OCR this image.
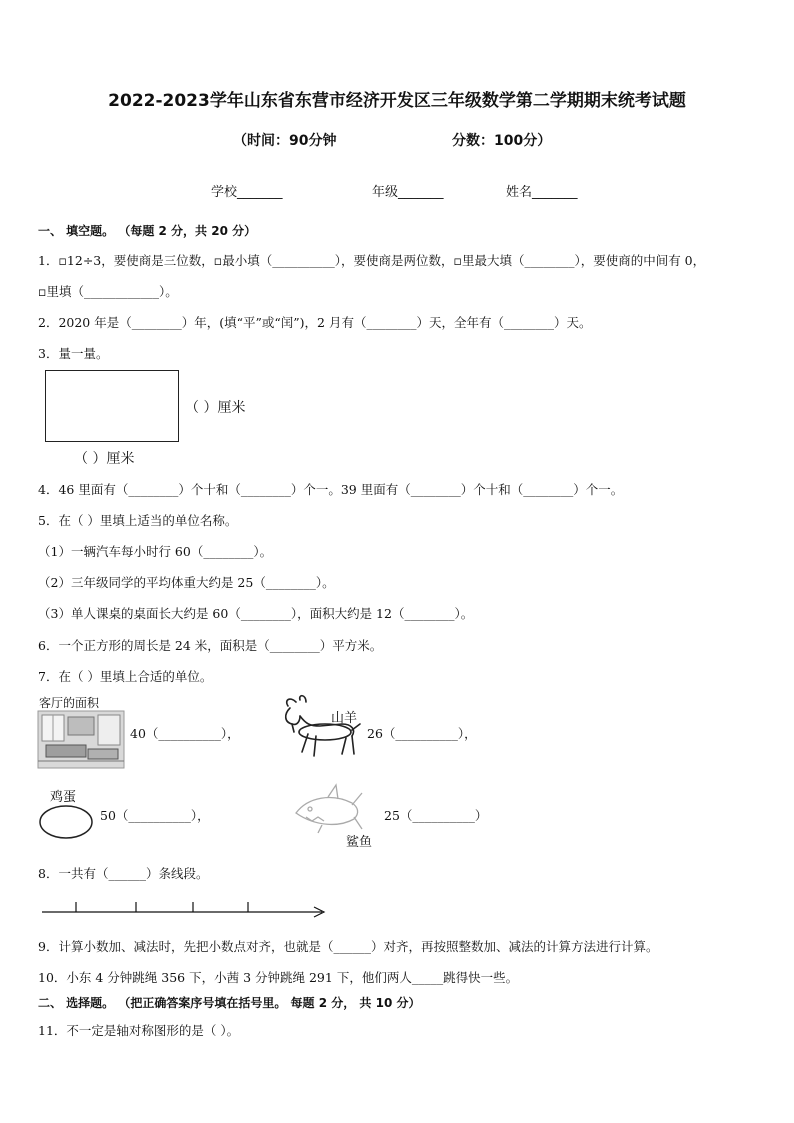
2022-2023学年山东省东营市经济开发区三年级数学第二学期期末统考试题
（时间：90分钟	分数：100分）
学校_______	年级_______	姓名_______
一、 填空题。 （每题 2 分，共 20 分）
1．▫12÷3，要使商是三位数，▫最小填（__________），要使商是两位数，▫里最大填（________），要使商的中间有 0，
▫里填（____________）。
2．2020 年是（________）年，(填“平”或“闰”)，2 月有（________）天，全年有（________）天。
3．量一量。
（ ）厘米
（ ）厘米
4．46 里面有（________）个十和（________）个一。39 里面有（________）个十和（________）个一。
5．在（ ）里填上适当的单位名称。
（1）一辆汽车每小时行 60（________）。
（2）三年级同学的平均体重大约是 25（________）。
（3）单人课桌的桌面长大约是 60（________），面积大约是 12（________）。
6．一个正方形的周长是 24 米，面积是（________）平方米。
7．在（ ）里填上合适的单位。
客厅的面积
40（__________），
山羊
26（__________），
鸡蛋
50（__________），
鲨鱼
25（__________）
8．一共有（______）条线段。
9．计算小数加、减法时，先把小数点对齐，也就是（______）对齐，再按照整数加、减法的计算方法进行计算。
10．小东 4 分钟跳绳 356 下，小茜 3 分钟跳绳 291 下，他们两人_____跳得快一些。
二、 选择题。 （把正确答案序号填在括号里。 每题 2 分， 共 10 分）
11．不一定是轴对称图形的是（ ）。
